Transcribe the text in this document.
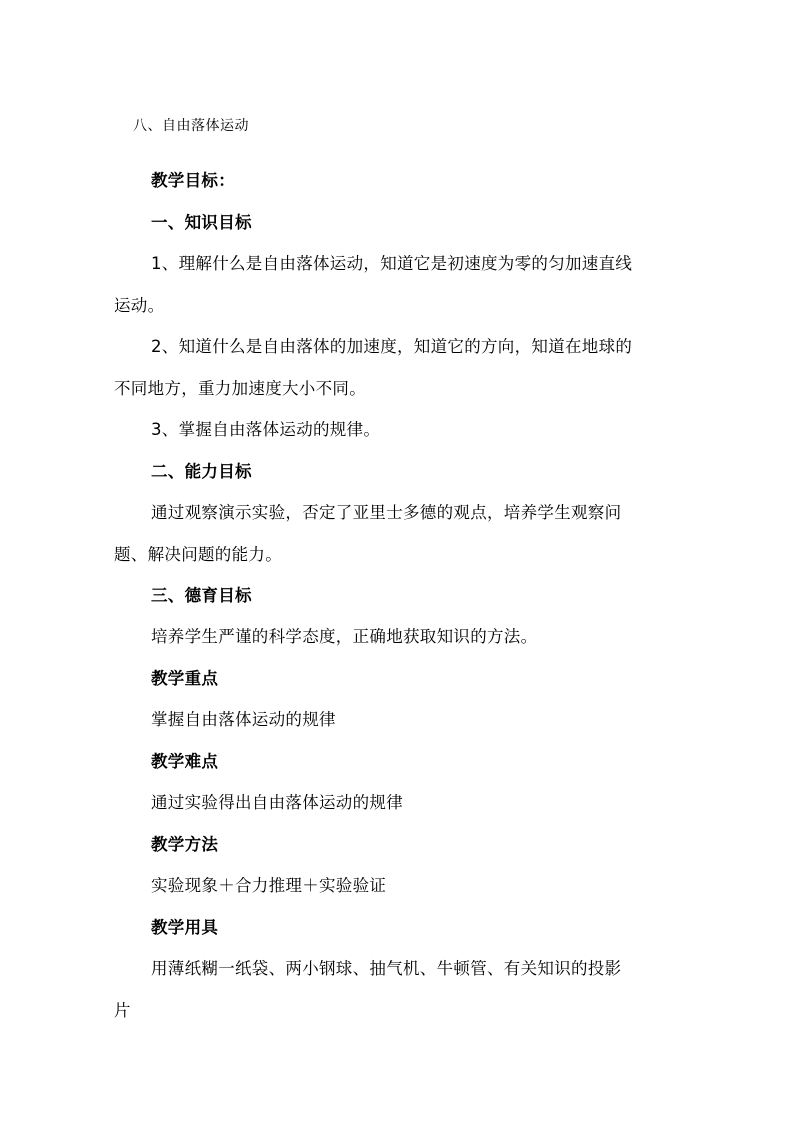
八、自由落体运动
教学目标：
一、知识目标
1、理解什么是自由落体运动，知道它是初速度为零的匀加速直线
运动。
2、知道什么是自由落体的加速度，知道它的方向，知道在地球的
不同地方，重力加速度大小不同。
3、掌握自由落体运动的规律。
二、能力目标
通过观察演示实验，否定了亚里士多德的观点，培养学生观察问
题、解决问题的能力。
三、德育目标
培养学生严谨的科学态度，正确地获取知识的方法。
教学重点
掌握自由落体运动的规律
教学难点
通过实验得出自由落体运动的规律
教学方法
实验现象＋合力推理＋实验验证
教学用具
用薄纸糊一纸袋、两小钢球、抽气机、牛顿管、有关知识的投影
片
